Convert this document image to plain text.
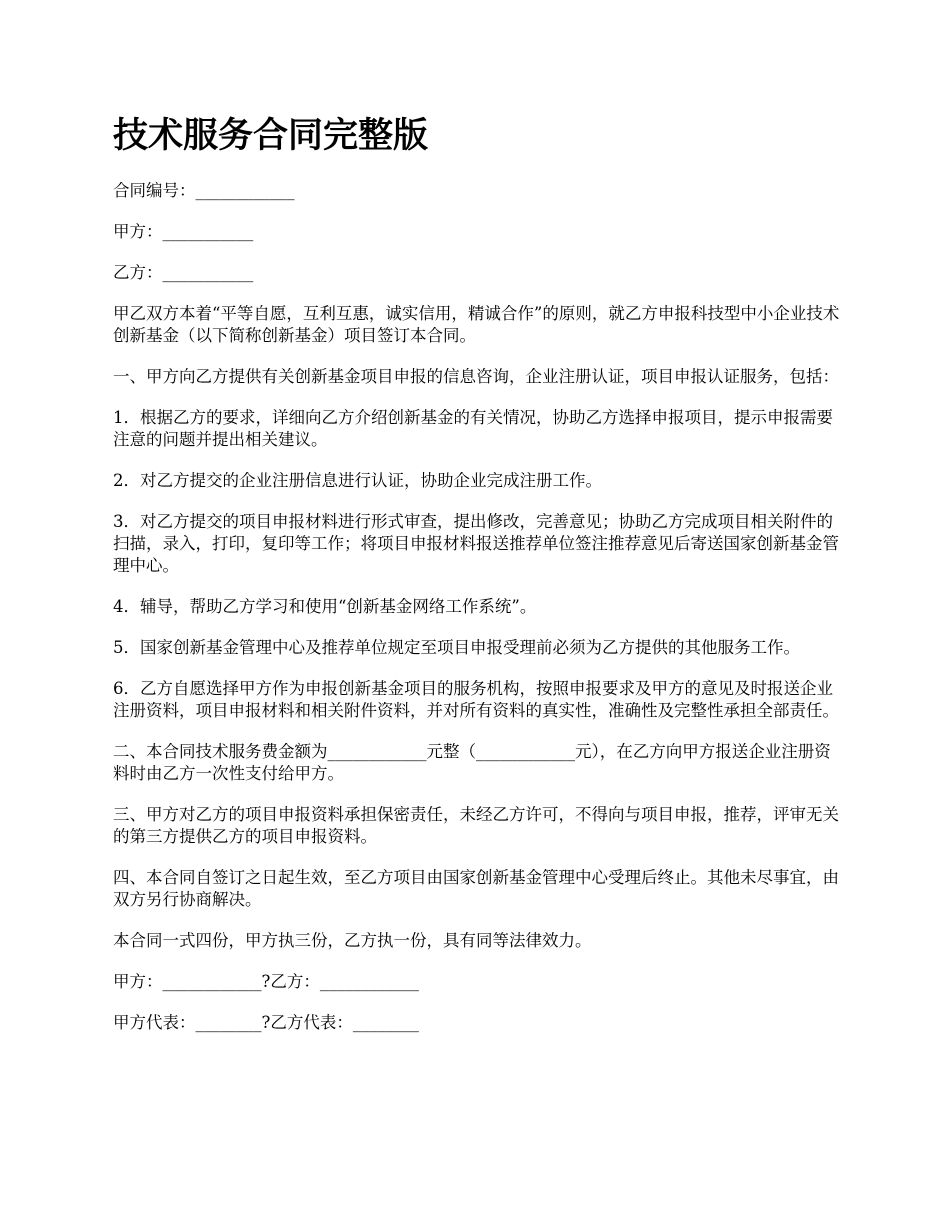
技术服务合同完整版

合同编号：____________

甲方：___________

乙方：___________

甲乙双方本着“平等自愿，互利互惠，诚实信用，精诚合作”的原则，就乙方申报科技型中小企业技术创新基金（以下简称创新基金）项目签订本合同。

一、甲方向乙方提供有关创新基金项目申报的信息咨询，企业注册认证，项目申报认证服务，包括：

1．根据乙方的要求，详细向乙方介绍创新基金的有关情况，协助乙方选择申报项目，提示申报需要注意的问题并提出相关建议。

2．对乙方提交的企业注册信息进行认证，协助企业完成注册工作。

3．对乙方提交的项目申报材料进行形式审查，提出修改，完善意见；协助乙方完成项目相关附件的扫描，录入，打印，复印等工作；将项目申报材料报送推荐单位签注推荐意见后寄送国家创新基金管理中心。

4．辅导，帮助乙方学习和使用“创新基金网络工作系统”。

5．国家创新基金管理中心及推荐单位规定至项目申报受理前必须为乙方提供的其他服务工作。

6．乙方自愿选择甲方作为申报创新基金项目的服务机构，按照申报要求及甲方的意见及时报送企业注册资料，项目申报材料和相关附件资料，并对所有资料的真实性，准确性及完整性承担全部责任。

二、本合同技术服务费金额为____________元整（____________元），在乙方向甲方报送企业注册资料时由乙方一次性支付给甲方。

三、甲方对乙方的项目申报资料承担保密责任，未经乙方许可，不得向与项目申报，推荐，评审无关的第三方提供乙方的项目申报资料。

四、本合同自签订之日起生效，至乙方项目由国家创新基金管理中心受理后终止。其他未尽事宜，由双方另行协商解决。

本合同一式四份，甲方执三份，乙方执一份，具有同等法律效力。

甲方：____________?乙方：____________

甲方代表：________?乙方代表：________
